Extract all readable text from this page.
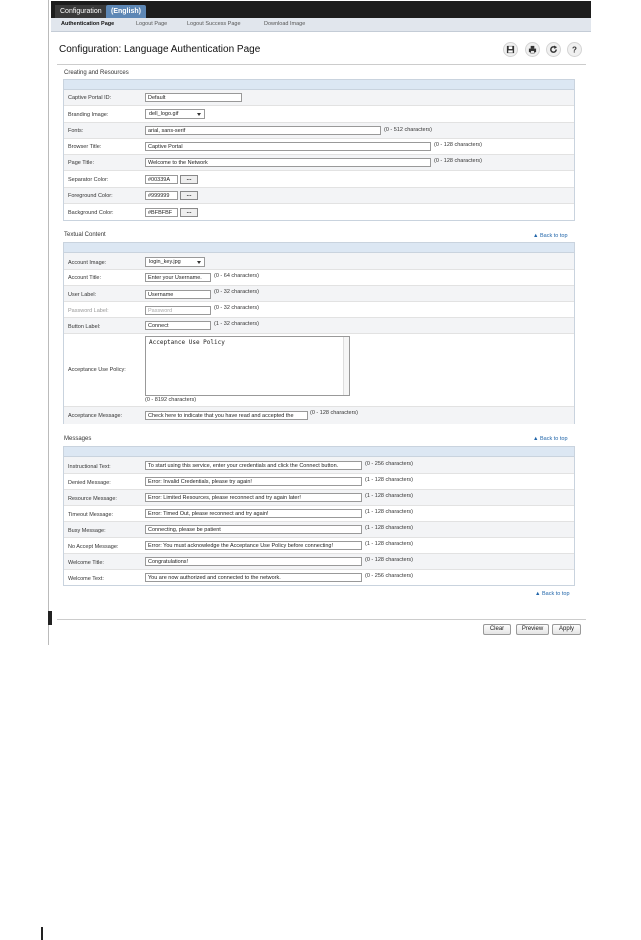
Configuration	(English)
Authentication Page	Logout Page	Logout Success Page	Download Image
Configuration: Language Authentication Page	?
Creating and Resources
Captive Portal ID:	Default
Branding Image:	dell_logo.gif
Fonts:	arial, sans-serif	(0 - 512 characters)
Browser Title:	Captive Portal	(0 - 128 characters)
Page Title:	Welcome to the Network	(0 - 128 characters)
Separator Color:	#00339A	...
Foreground Color:	#999999	...
Background Color:	#BFBFBF	...
Textual Content	▲ Back to top
Account Image:	login_key.jpg
Account Title:	Enter your Username.	(0 - 64 characters)
User Label:	Username	(0 - 32 characters)
Password Label:	Password	(0 - 32 characters)
Button Label:	Connect	(1 - 32 characters)
Acceptance Use Policy:
Acceptance Use Policy
(0 - 8192 characters)
Acceptance Message:	Check here to indicate that you have read and accepted the	(0 - 128 characters)
Messages	▲ Back to top
Instructional Text:	To start using this service, enter your credentials and click the Connect button.	(0 - 256 characters)
Denied Message:	Error: Invalid Credentials, please try again!	(1 - 128 characters)
Resource Message:	Error: Limited Resources, please reconnect and try again later!	(1 - 128 characters)
Timeout Message:	Error: Timed Out, please reconnect and try again!	(1 - 128 characters)
Busy Message:	Connecting, please be patient	(1 - 128 characters)
No Accept Message:	Error: You must acknowledge the Acceptance Use Policy before connecting!	(1 - 128 characters)
Welcome Title:	Congratulations!	(0 - 128 characters)
Welcome Text:	You are now authorized and connected to the network.	(0 - 256 characters)
▲ Back to top
Clear	Preview	Apply
